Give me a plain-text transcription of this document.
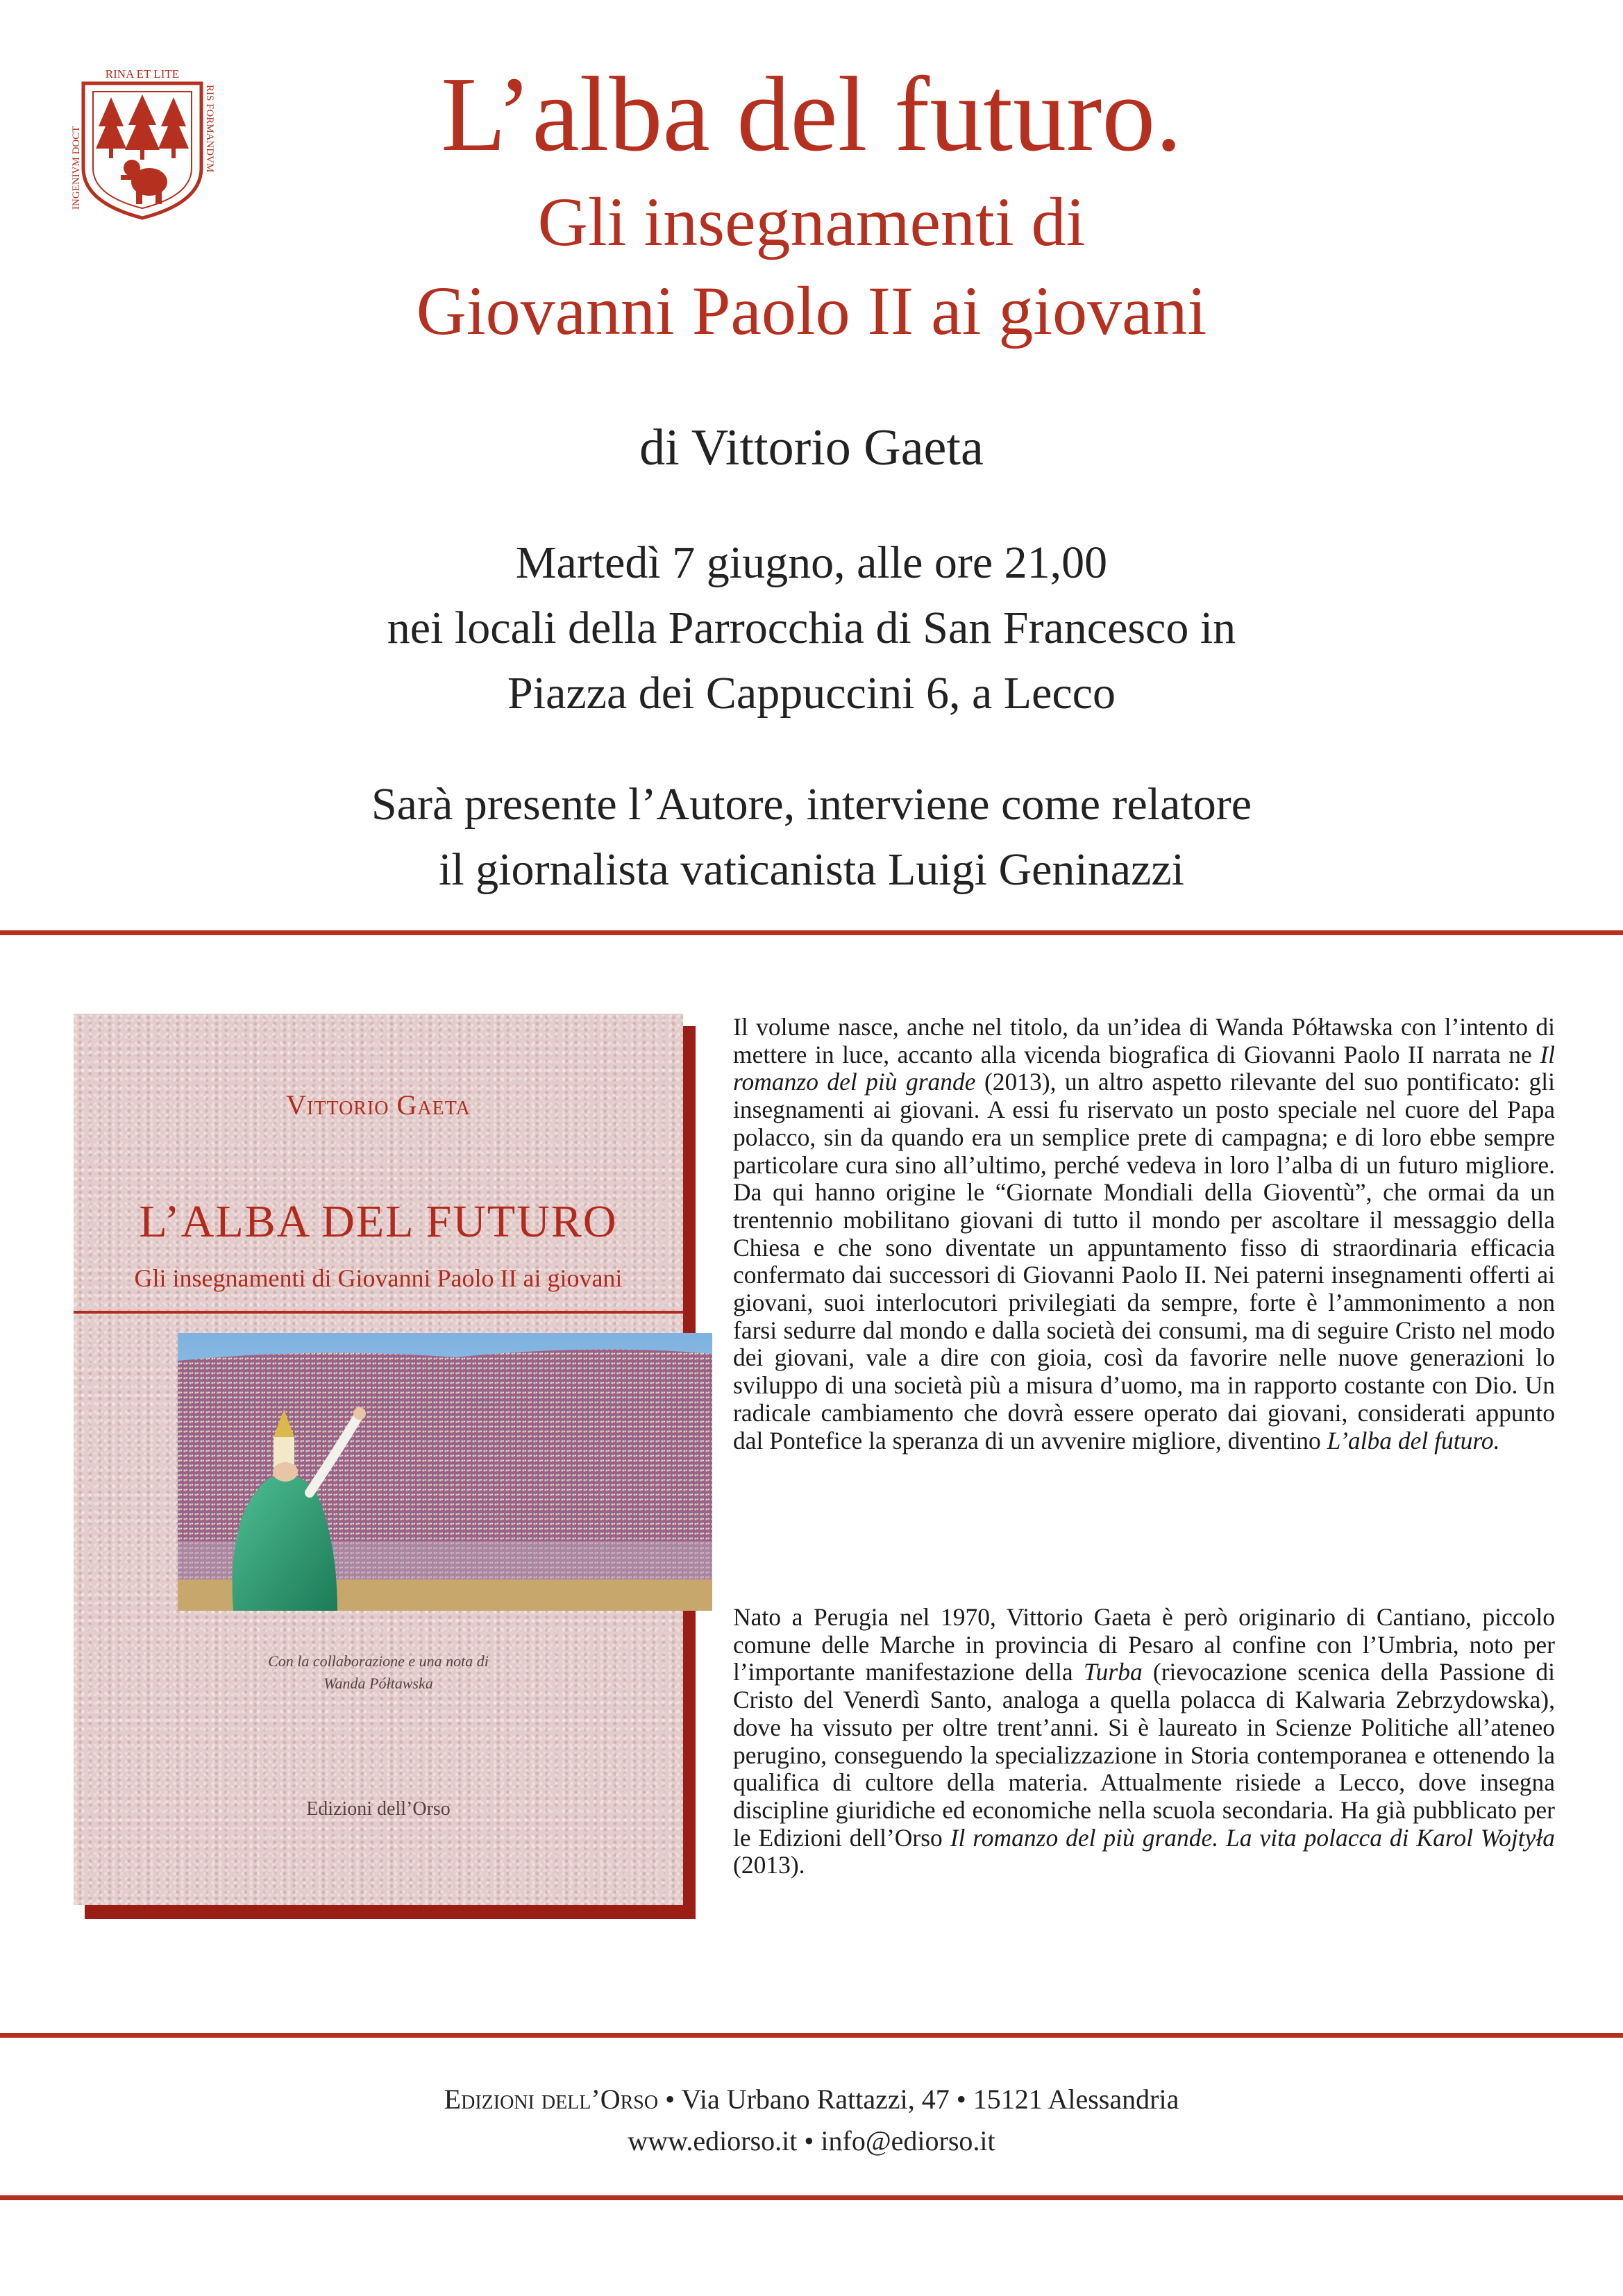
RINA ET LITE
INGENIVM DOCT	RIS FORMANDVM	L’alba del futuro.
Gli insegnamenti di
Giovanni Paolo II ai giovani
di Vittorio Gaeta
Martedì 7 giugno, alle ore 21,00
nei locali della Parrocchia di San Francesco in
Piazza dei Cappuccini 6, a Lecco
Sarà presente l’Autore, interviene come relatore
il giornalista vaticanista Luigi Geninazzi
Vittorio Gaeta
L’ALBA DEL FUTURO
Gli insegnamenti di Giovanni Paolo II ai giovani
Con la collaborazione e una nota di
Wanda Półtawska
Edizioni dell’Orso
Il volume nasce, anche nel titolo, da un’idea di Wanda Półtawska con l’intento di mettere in luce, accanto alla vicenda biografica di Giovanni Paolo II narrata ne Il romanzo del più grande (2013), un altro aspetto rilevante del suo pontificato: gli insegnamenti ai giovani. A essi fu riservato un posto speciale nel cuore del Papa polacco, sin da quando era un semplice prete di campagna; e di loro ebbe sempre particolare cura sino all’ultimo, perché vedeva in loro l’alba di un futuro migliore. Da qui hanno origine le “Giornate Mondiali della Gioventù”, che ormai da un trentennio mobilitano giovani di tutto il mondo per ascoltare il messaggio della Chiesa e che sono diventate un appuntamento fisso di straordinaria efficacia confermato dai successori di Giovanni Paolo II. Nei paterni insegnamenti offerti ai giovani, suoi interlocutori privilegiati da sempre, forte è l’ammonimento a non farsi sedurre dal mondo e dalla società dei consumi, ma di seguire Cristo nel modo dei giovani, vale a dire con gioia, così da favorire nelle nuove generazioni lo sviluppo di una società più a misura d’uomo, ma in rapporto costante con Dio. Un radicale cambiamento che dovrà essere operato dai giovani, considerati appunto dal Pontefice la speranza di un avvenire migliore, diventino L’alba del futuro.
Nato a Perugia nel 1970, Vittorio Gaeta è però originario di Cantiano, piccolo comune delle Marche in provincia di Pesaro al confine con l’Umbria, noto per l’importante manifestazione della Turba (rievocazione scenica della Passione di Cristo del Venerdì Santo, analoga a quella polacca di Kalwaria Zebrzydowska), dove ha vissuto per oltre trent’anni. Si è laureato in Scienze Politiche all’ateneo perugino, conseguendo la specializzazione in Storia contemporanea e ottenendo la qualifica di cultore della materia. Attualmente risiede a Lecco, dove insegna discipline giuridiche ed economiche nella scuola secondaria. Ha già pubblicato per le Edizioni dell’Orso Il romanzo del più grande. La vita polacca di Karol Wojtyła (2013).
Edizioni dell’Orso • Via Urbano Rattazzi, 47 • 15121 Alessandria
www.ediorso.it • info@ediorso.it
